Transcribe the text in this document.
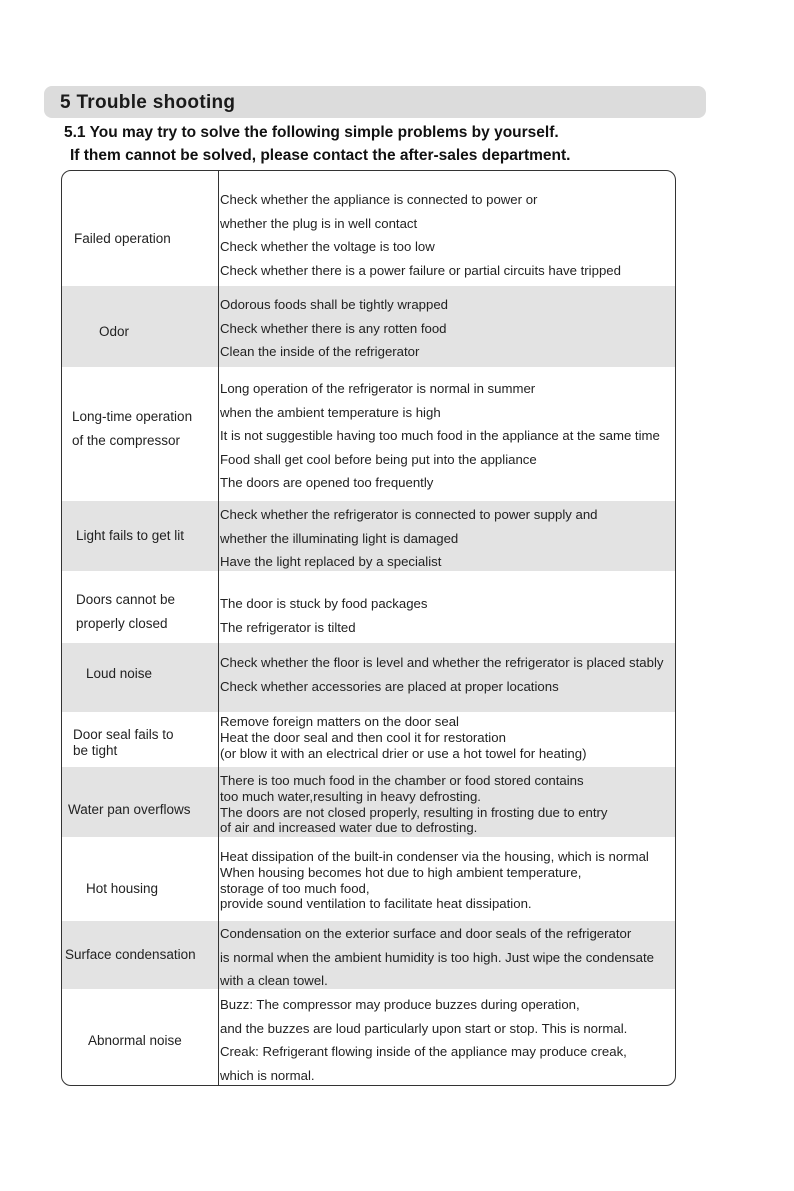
5 Trouble shooting
5.1 You may try to solve the following simple problems by yourself.
If them cannot be solved, please contact the after-sales department.
Failed operation
Check whether the appliance is connected to power or
whether the plug is in well contact
Check whether the voltage is too low
Check whether there is a power failure or partial circuits have tripped
Odor
Odorous foods shall be tightly wrapped
Check whether there is any rotten food
Clean the inside of the refrigerator
Long-time operation
of the compressor
Long operation of the refrigerator is normal in summer
when the ambient temperature is high
It is not suggestible having too much food in the appliance at the same time
Food shall get cool before being put into the appliance
The doors are opened too frequently
Light fails to get lit
Check whether the refrigerator is connected to power supply and
whether the illuminating light is damaged
Have the light replaced by a specialist
Doors cannot be
properly closed
The door is stuck by food packages
The refrigerator is tilted
Loud noise
Check whether the floor is level and whether the refrigerator is placed stably
Check whether accessories are placed at proper locations
Door seal fails to
be tight
Remove foreign matters on the door seal
Heat the door seal and then cool it for restoration
(or blow it with an electrical drier or use a hot towel for heating)
Water pan overflows
There is too much food in the chamber or food stored contains
too much water,resulting in heavy defrosting.
The doors are not closed properly, resulting in frosting due to entry
of air and increased water due to defrosting.
Hot housing
Heat dissipation of the built-in condenser via the housing, which is normal
When housing becomes hot due to high ambient temperature,
storage of too much food,
provide sound ventilation to facilitate heat dissipation.
Surface condensation
Condensation on the exterior surface and door seals of the refrigerator
is normal when the ambient humidity is too high. Just wipe the condensate
with a clean towel.
Abnormal noise
Buzz: The compressor may produce buzzes during operation,
and the buzzes are loud particularly upon start or stop. This is normal.
Creak: Refrigerant flowing inside of the appliance may produce creak,
which is normal.
